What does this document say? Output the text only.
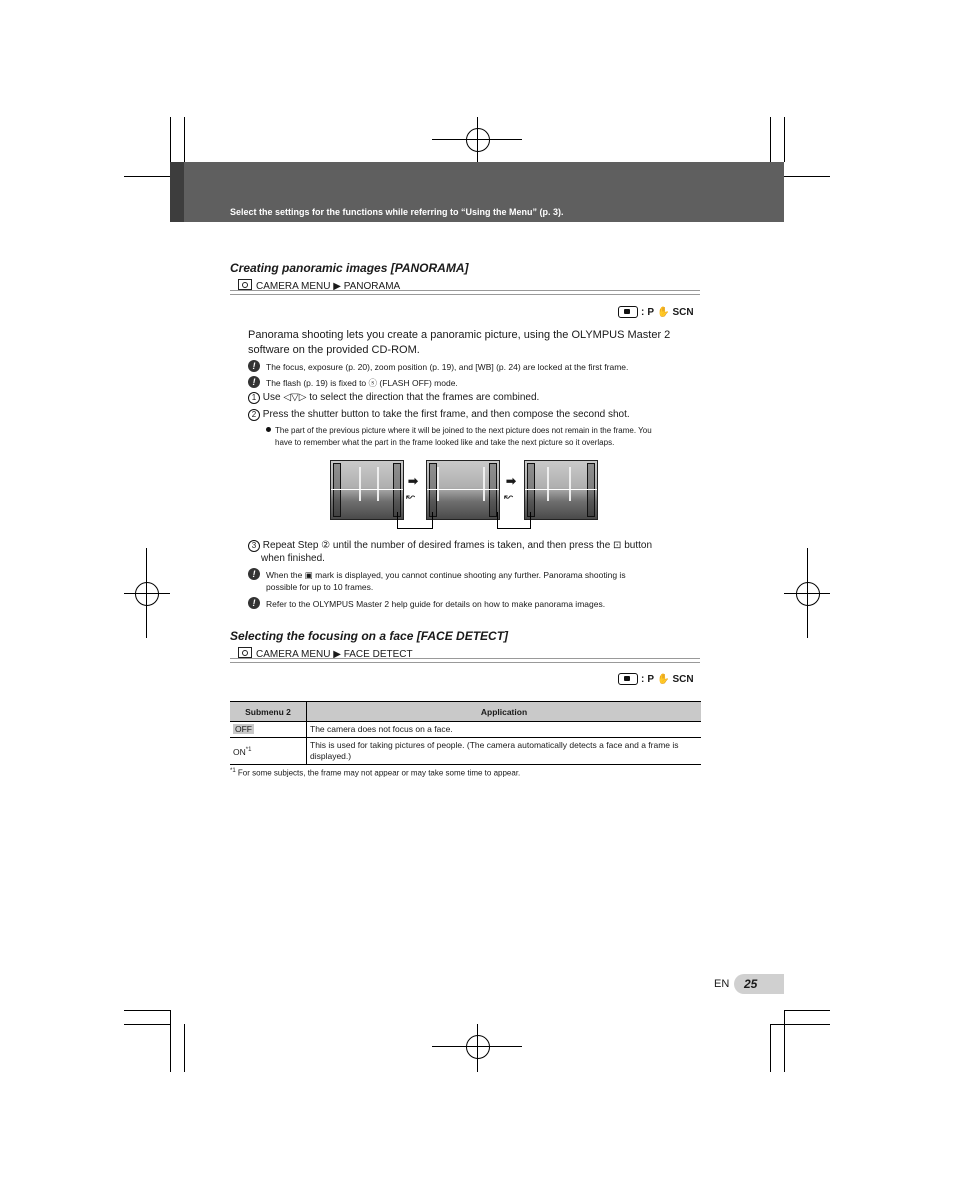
Select the settings for the functions while referring to “Using the Menu” (p. 3).
Creating panoramic images [PANORAMA]
CAMERA MENU ▶ PANORAMA
: P ✋ SCN
Panorama shooting lets you create a panoramic picture, using the OLYMPUS Master 2
software on the provided CD-ROM.
!	The focus, exposure (p. 20), zoom position (p. 19), and [WB] (p. 24) are locked at the first frame.
!	The flash (p. 19) is fixed to ⓢ (FLASH OFF) mode.
1 Use ◁▽▷ to select the direction that the frames are combined.
2 Press the shutter button to take the first frame, and then compose the second shot.
The part of the previous picture where it will be joined to the next picture does not remain in the frame. You
have to remember what the part in the frame looked like and take the next picture so it overlaps.
➡
↜
➡
↜
3 Repeat Step ② until the number of desired frames is taken, and then press the ⊡ button
when finished.
!	When the ▣ mark is displayed, you cannot continue shooting any further. Panorama shooting is
possible for up to 10 frames.
!	Refer to the OLYMPUS Master 2 help guide for details on how to make panorama images.
Selecting the focusing on a face [FACE DETECT]
CAMERA MENU ▶ FACE DETECT
: P ✋ SCN
Submenu 2	Application
OFF	The camera does not focus on a face.
ON$^{*1}$	This is used for taking pictures of people. (The camera automatically detects a face and a frame is displayed.)
$^{*1}$ For some subjects, the frame may not appear or may take some time to appear.
EN 25
